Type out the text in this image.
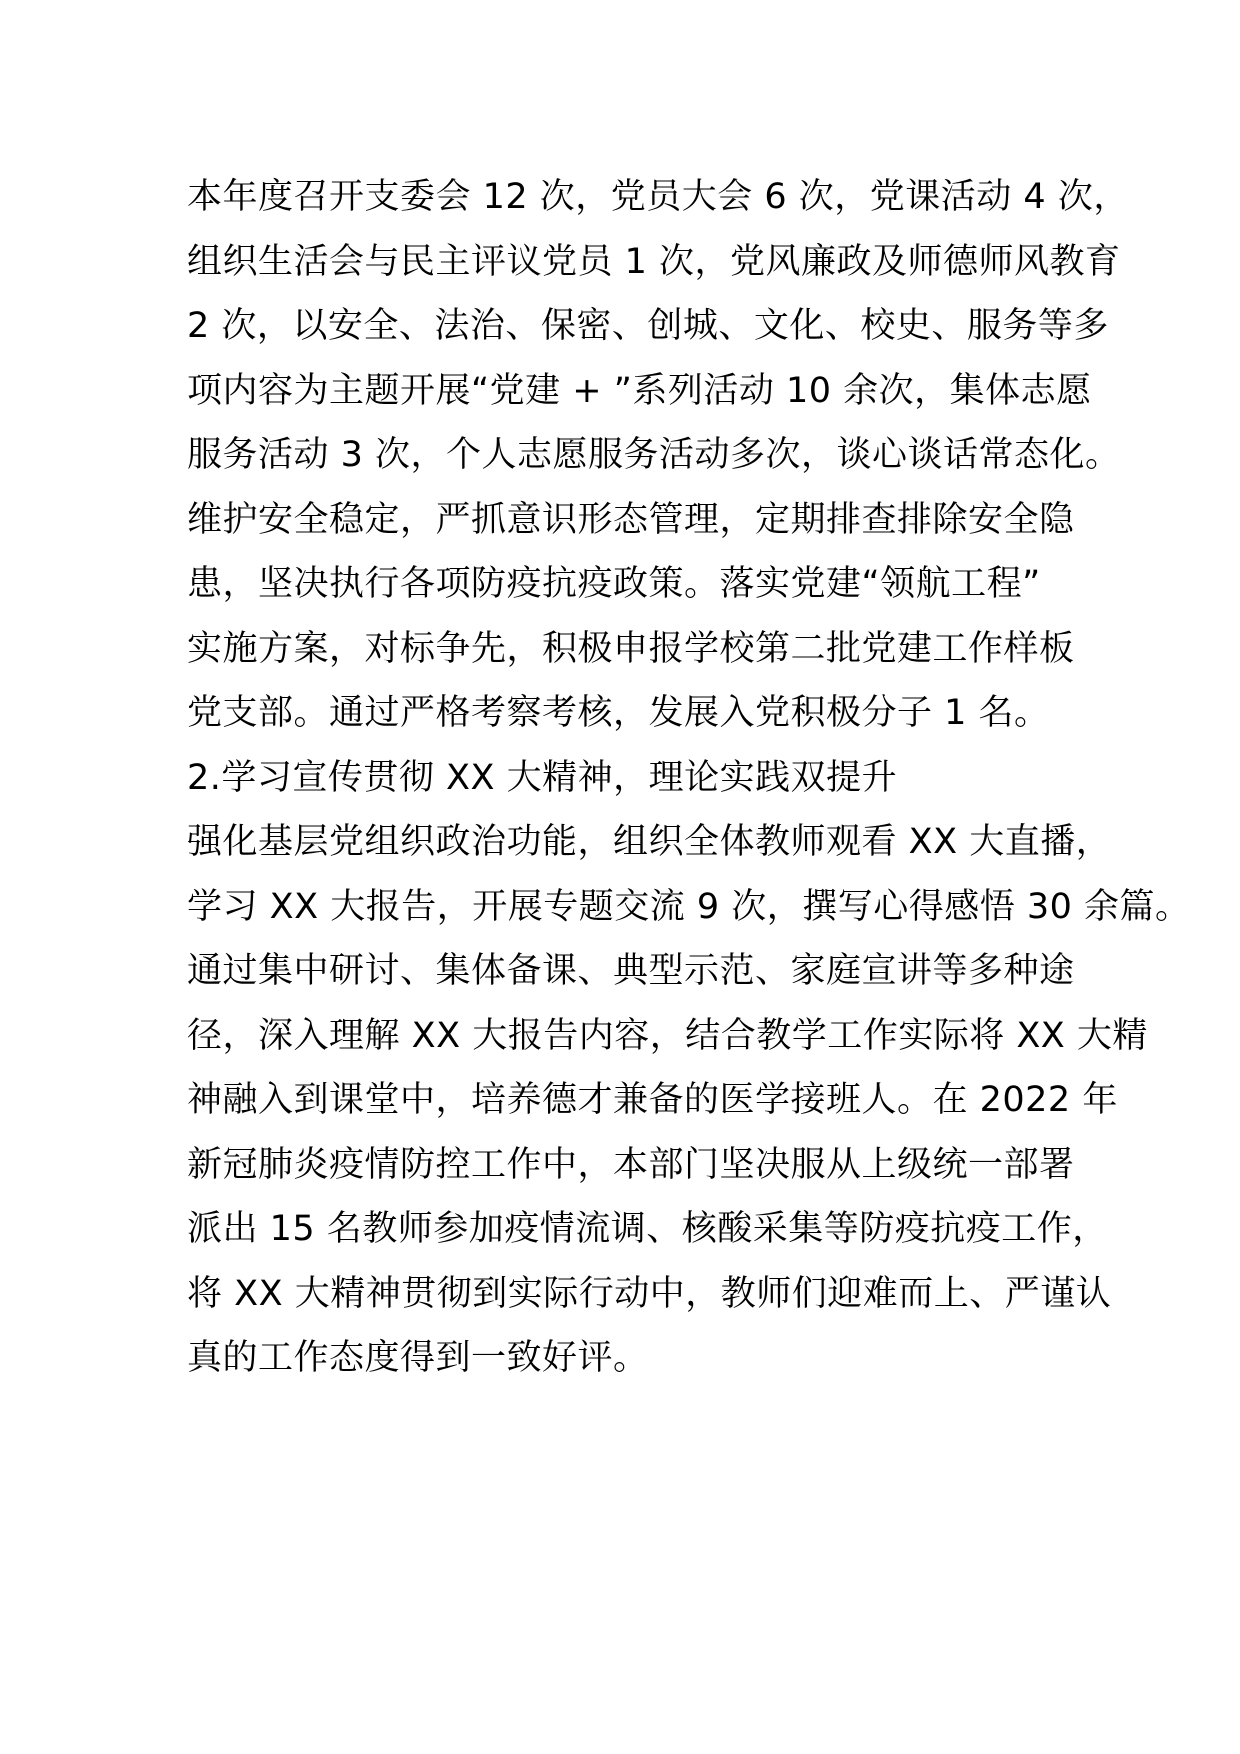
本年度召开支委会 12 次，党员大会 6 次，党课活动 4 次，
组织生活会与民主评议党员 1 次，党风廉政及师德师风教育
2 次，以安全、法治、保密、创城、文化、校史、服务等多
项内容为主题开展“党建 + ”系列活动 10 余次，集体志愿
服务活动 3 次，个人志愿服务活动多次，谈心谈话常态化。
维护安全稳定，严抓意识形态管理，定期排查排除安全隐
患，坚决执行各项防疫抗疫政策。落实党建“领航工程”
实施方案，对标争先，积极申报学校第二批党建工作样板
党支部。通过严格考察考核，发展入党积极分子 1 名。
2.学习宣传贯彻 XX 大精神，理论实践双提升
强化基层党组织政治功能，组织全体教师观看 XX 大直播，
学习 XX 大报告，开展专题交流 9 次，撰写心得感悟 30 余篇。
通过集中研讨、集体备课、典型示范、家庭宣讲等多种途
径，深入理解 XX 大报告内容，结合教学工作实际将 XX 大精
神融入到课堂中，培养德才兼备的医学接班人。在 2022 年
新冠肺炎疫情防控工作中，本部门坚决服从上级统一部署
派出 15 名教师参加疫情流调、核酸采集等防疫抗疫工作，
将 XX 大精神贯彻到实际行动中，教师们迎难而上、严谨认
真的工作态度得到一致好评。
